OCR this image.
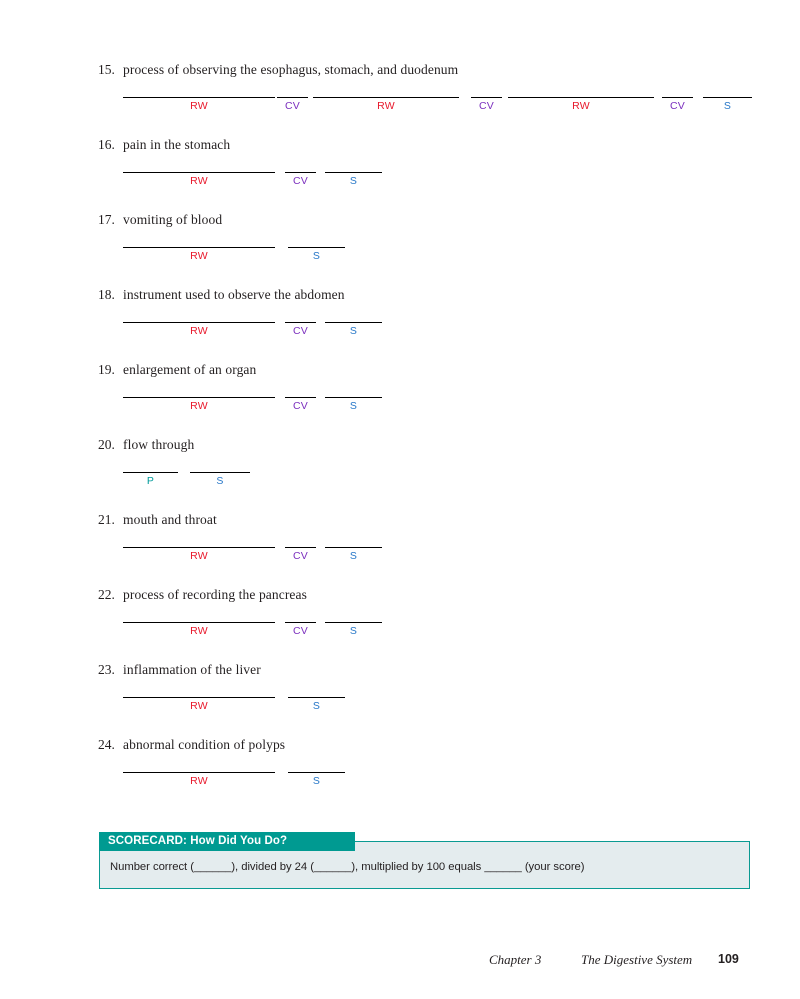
15. process of observing the esophagus, stomach, and duodenum
RW	CV	RW	CV	RW	CV	S
16. pain in the stomach
RW	CV	S
17. vomiting of blood
RW	S
18. instrument used to observe the abdomen
RW	CV	S
19. enlargement of an organ
RW	CV	S
20. flow through
P	S
21. mouth and throat
RW	CV	S
22. process of recording the pancreas
RW	CV	S
23. inflammation of the liver
RW	S
24. abnormal condition of polyps
RW	S
SCORECARD: How Did You Do?
Number correct (______), divided by 24 (______), multiplied by 100 equals ______ (your score)
Chapter 3	The Digestive System 109
